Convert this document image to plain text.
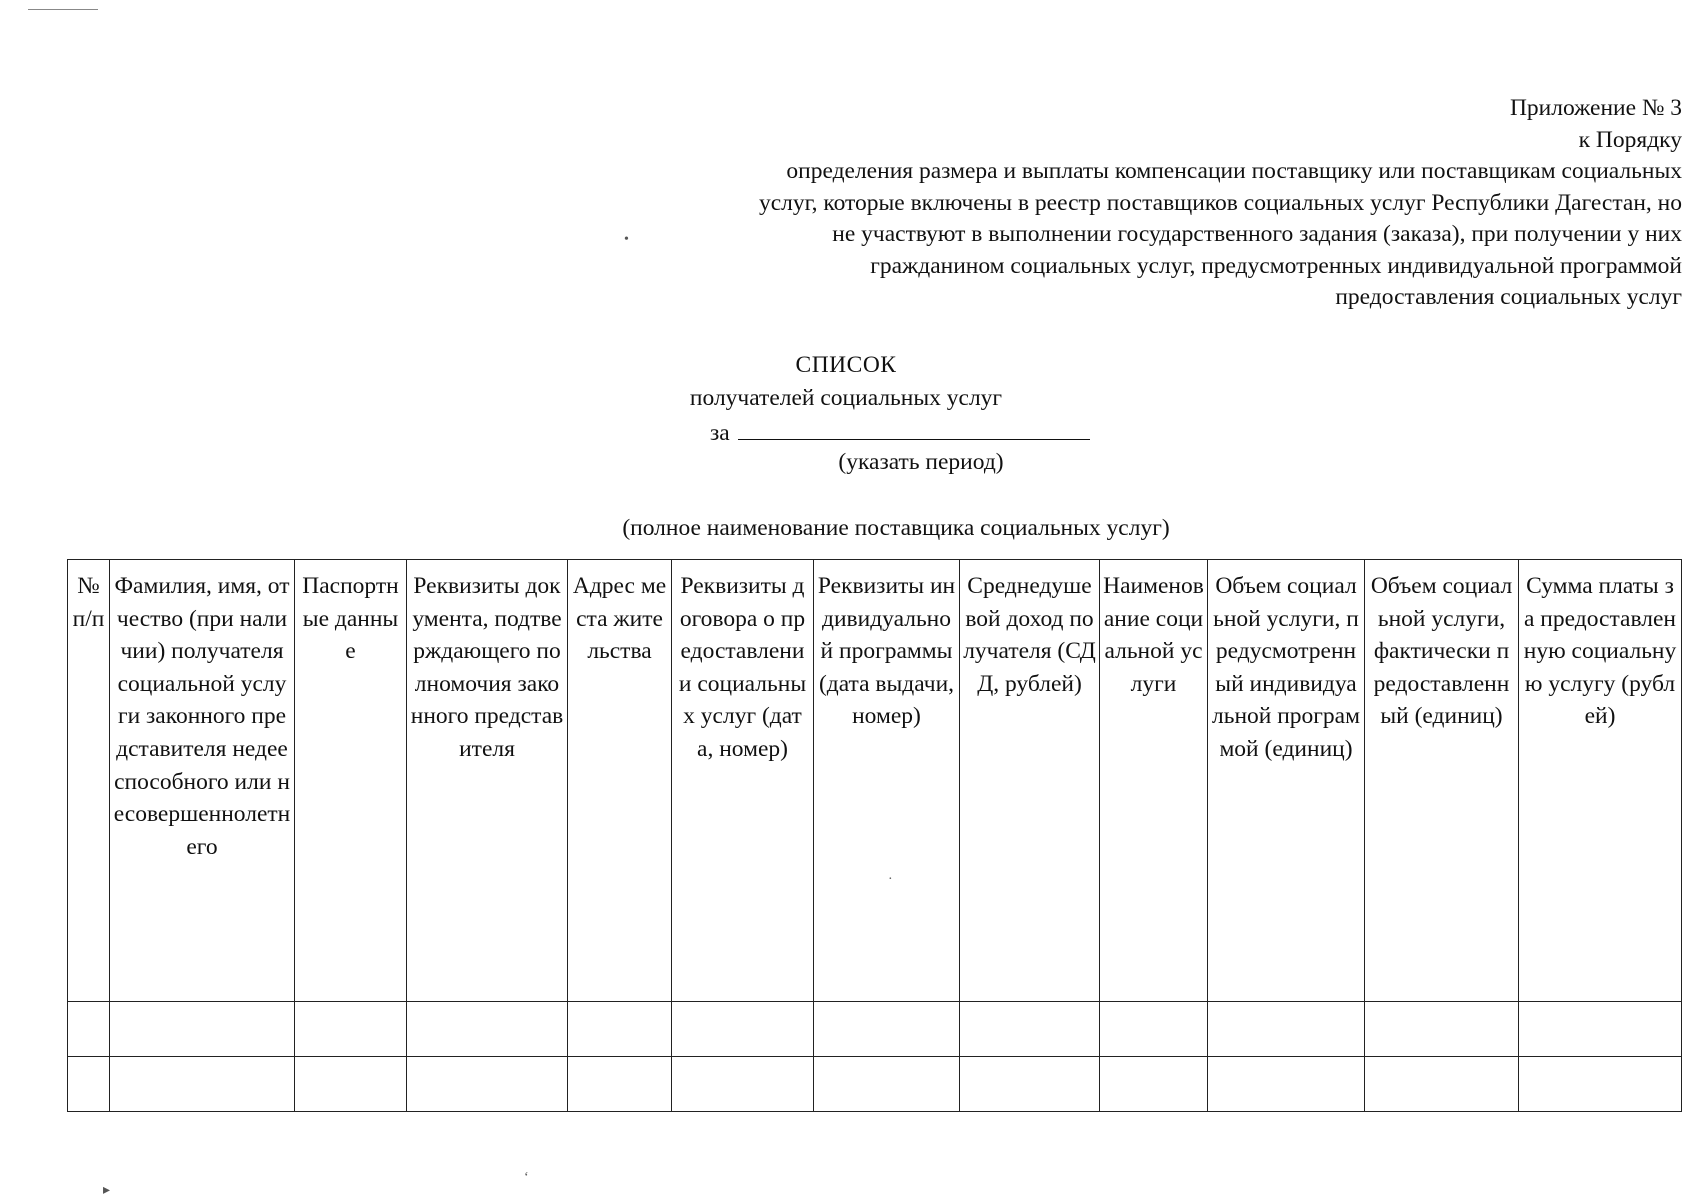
Приложение № 3
к Порядку
определения размера и выплаты компенсации поставщику или поставщикам социальных
услуг, которые включены в реестр поставщиков социальных услуг Республики Дагестан, но
не участвуют в выполнении государственного задания (заказа), при получении у них
гражданином социальных услуг, предусмотренных индивидуальной программой
предоставления социальных услуг
СПИСОК
получателей социальных услуг
за
(указать период)
(полное наименование поставщика социальных услуг)
№ п/п	Фамилия, имя, отчество (при наличии) получателя социальной услуги законного представителя недееспособного или несовершеннолетнего	Паспортные данные	Реквизиты документа, подтверждающего полномочия законного представителя	Адрес места жительства	Реквизиты договора о предоставлении социальных услуг (дата, номер)	Реквизиты индивидуальной программы (дата выдачи, номер)	Среднедушевой доход получателя (СДД, рублей)	Наименование социальной услуги	Объем социальной услуги, предусмотренный индивидуальной программой (единиц)	Объем социальной услуги, фактически предоставленный (единиц)	Сумма платы за предоставленную социальную услугу (рублей)

•
▸
ʻ
·
